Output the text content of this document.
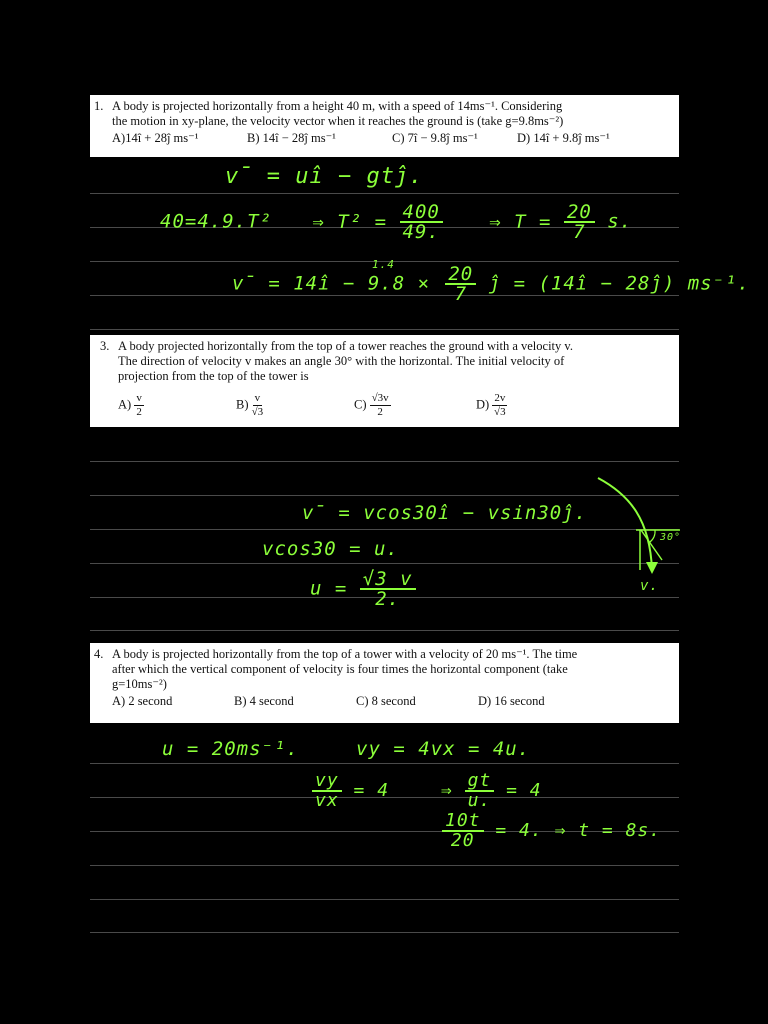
1. A body is projected horizontally from a height 40 m, with a speed of 14ms⁻¹. Considering
the motion in xy-plane, the velocity vector when it reaches the ground is (take g=9.8ms⁻²)
A)14î + 28ĵ ms⁻¹	B) 14î − 28ĵ ms⁻¹	C) 7î − 9.8ĵ ms⁻¹	D) 14î + 9.8ĵ ms⁻¹
v̄ = uî − gtĵ.
40=4.9.T² ⇒ $T^2 = \frac{400}{49.}$ ⇒ $T = \frac{20}{7} s$.
v̄ = 14î − 9.8 ×$^{1.4}$
$\frac{20}{7}$ ĵ = (14î − 28ĵ) ms⁻¹.
3. A body projected horizontally from the top of a tower reaches the ground with a velocity v.
The direction of velocity v makes an angle 30° with the horizontal. The initial velocity of
projection from the top of the tower is
$A) \frac{v}{2}$	$B) \frac{v}{√3}$	$C) \frac{√3v}{2}$	$D) \frac{2v}{√3}$
v̄ = vcos30î − vsin30ĵ.
vcos30 = u.
$u = \frac{√3 v}{2.}$
30°
v.
4. A body is projected horizontally from the top of a tower with a velocity of 20 ms⁻¹. The time
after which the vertical component of velocity is four times the horizontal component (take
g=10ms⁻²)
A) 2 second	B) 4 second	C) 8 second	D) 16 second
u = 20ms⁻¹.	vy = 4vx = 4u.
$\frac{vy}{vx} = 4$	⇒ $\frac{gt}{u.} = 4$
$\frac{10t}{20} = 4$. ⇒ t = 8s.
